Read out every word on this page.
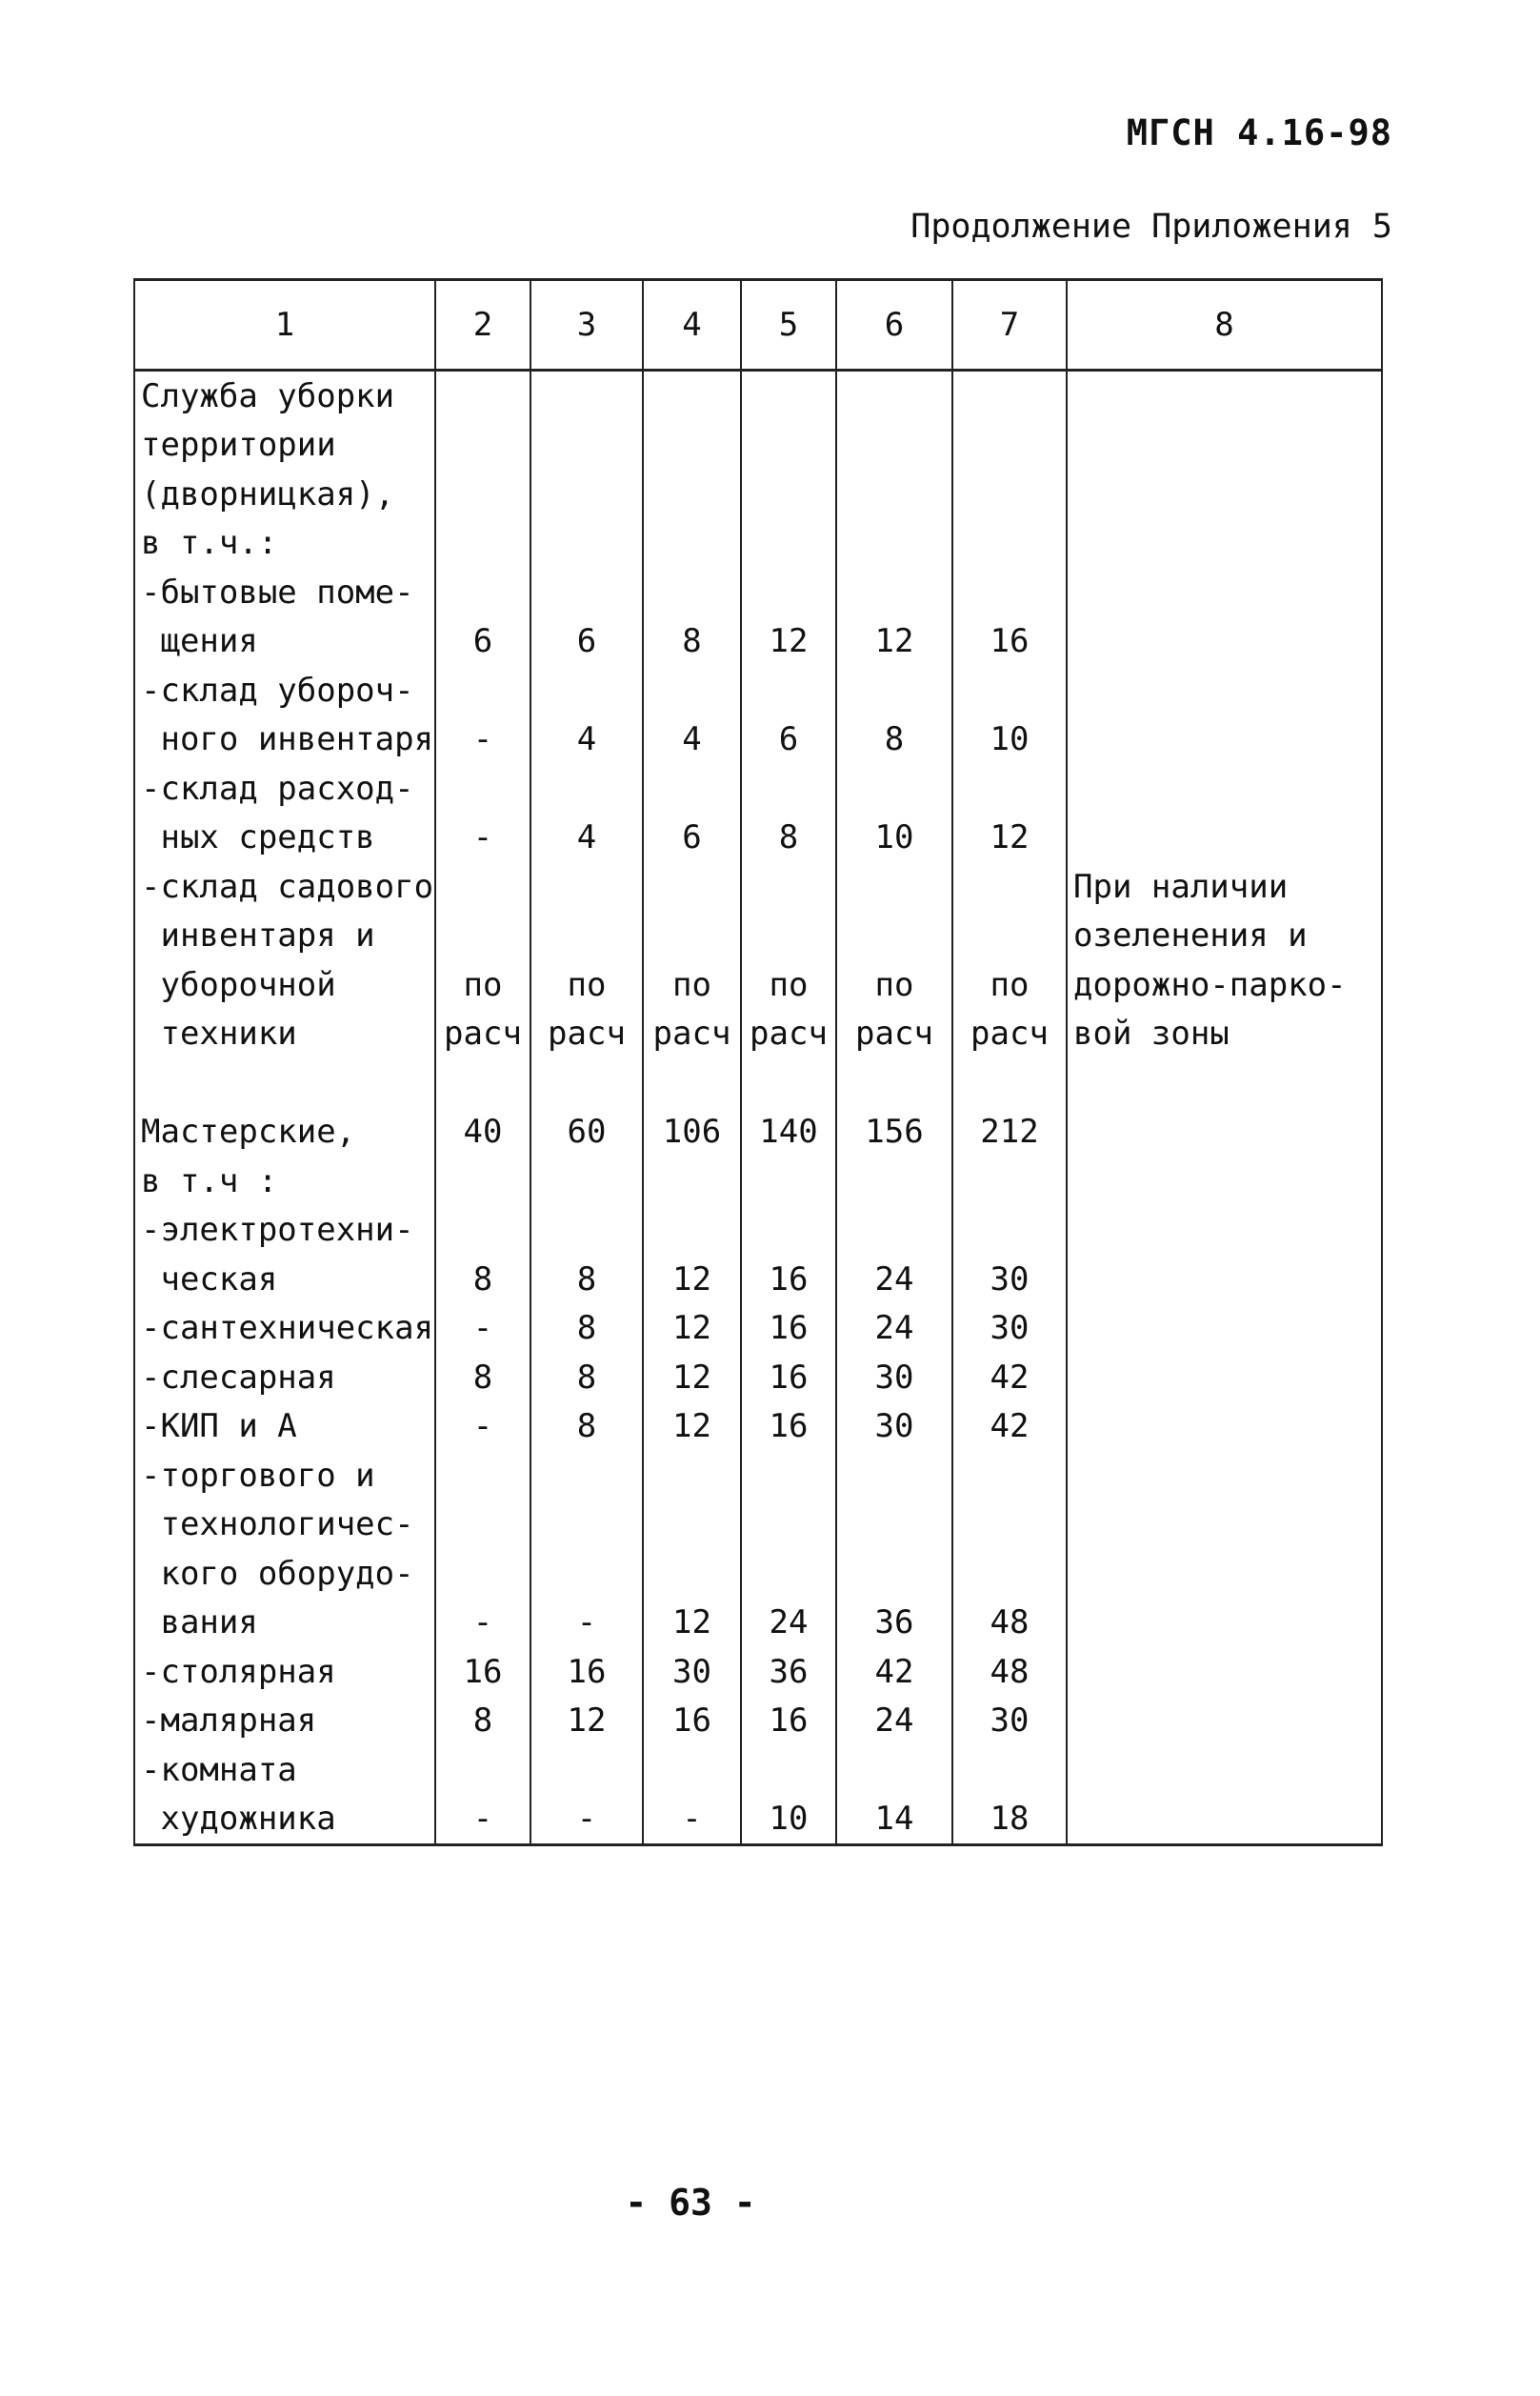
МГСН 4.16-98
Продолжение Приложения 5
1	2	3	4	5	6	7	8
Служба уборки							
территории							
(дворницкая),							
в т.ч.:							
-бытовые поме-							
щения	6	6	8	12	12	16	
-склад убороч-							
ного инвентаря	-	4	4	6	8	10	
-склад расход-							
ных средств	-	4	6	8	10	12	
-склад садового							При наличии
инвентаря и							озеленения и
уборочной	по	по	по	по	по	по	дорожно-парко-
техники	расч	расч	расч	расч	расч	расч	вой зоны

Мастерские,	40	60	106	140	156	212	
в т.ч :							
-электротехни-							
ческая	8	8	12	16	24	30	
-сантехническая	-	8	12	16	24	30	
-слесарная	8	8	12	16	30	42	
-КИП и А	-	8	12	16	30	42	
-торгового и							
технологичес-							
кого оборудо-							
вания	-	-	12	24	36	48	
-столярная	16	16	30	36	42	48	
-малярная	8	12	16	16	24	30	
-комната							
художника	-	-	-	10	14	18	
- 63 -
